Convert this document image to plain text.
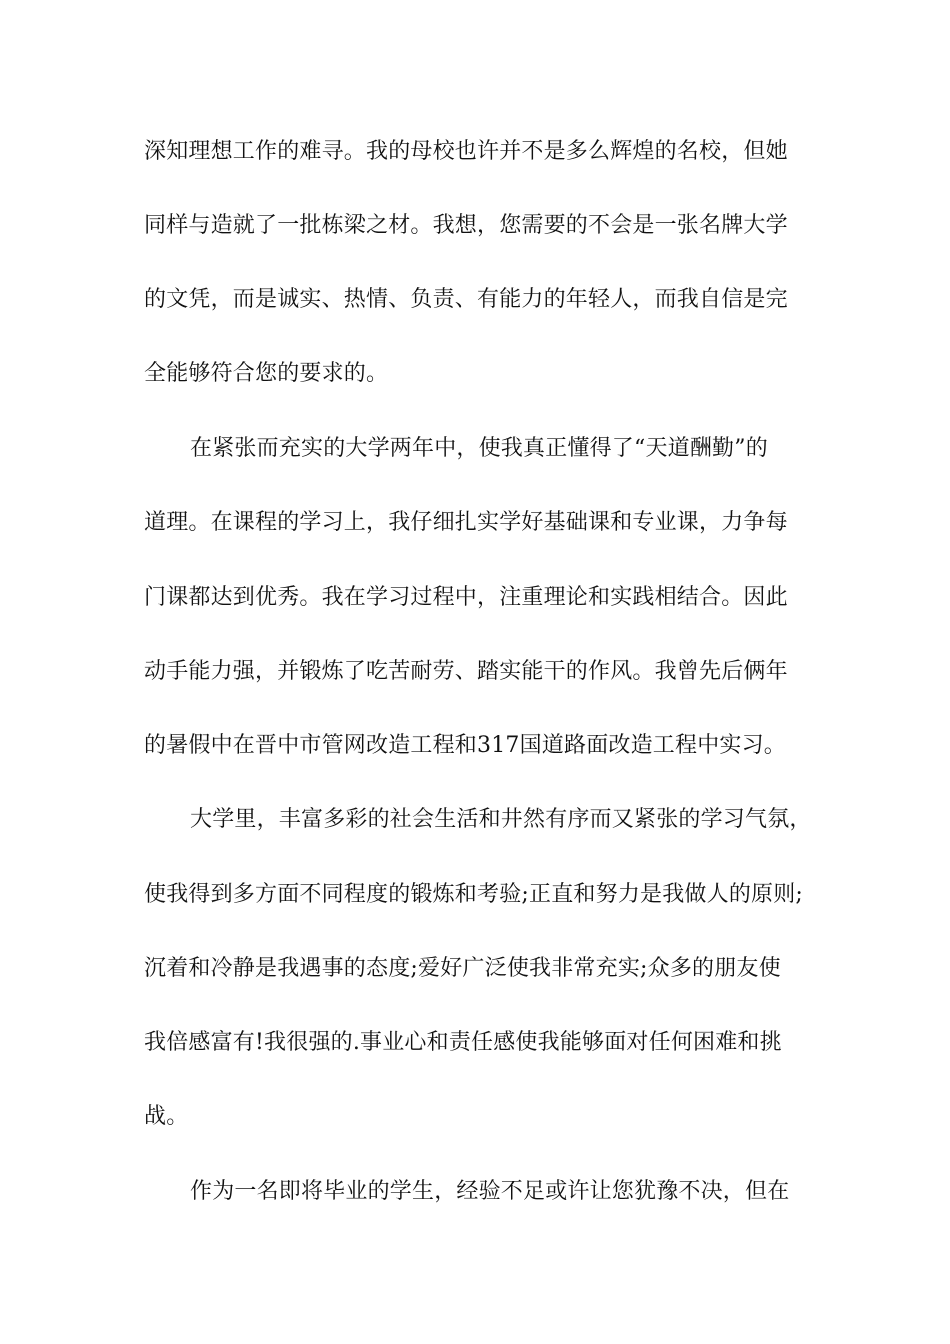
深知理想工作的难寻。我的母校也许并不是多么辉煌的名校，但她
同样与造就了一批栋梁之材。我想，您需要的不会是一张名牌大学
的文凭，而是诚实、热情、负责、有能力的年轻人，而我自信是完
全能够符合您的要求的。
在紧张而充实的大学两年中，使我真正懂得了“天道酬勤”的
道理。在课程的学习上，我仔细扎实学好基础课和专业课，力争每
门课都达到优秀。我在学习过程中，注重理论和实践相结合。因此
动手能力强，并锻炼了吃苦耐劳、踏实能干的作风。我曾先后俩年
的暑假中在晋中市管网改造工程和317国道路面改造工程中实习。
大学里，丰富多彩的社会生活和井然有序而又紧张的学习气氛，
使我得到多方面不同程度的锻炼和考验;正直和努力是我做人的原则;
沉着和冷静是我遇事的态度;爱好广泛使我非常充实;众多的朋友使
我倍感富有!我很强的.事业心和责任感使我能够面对任何困难和挑
战。
作为一名即将毕业的学生，经验不足或许让您犹豫不决，但在
